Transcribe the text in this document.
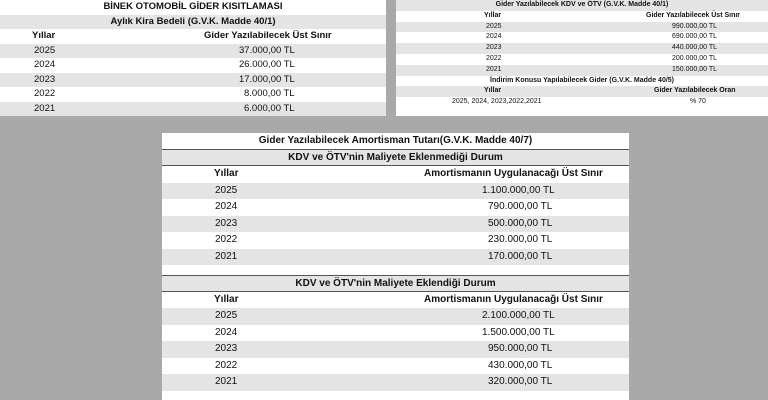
BİNEK OTOMOBİL GİDER KISITLAMASI
Aylık Kira Bedeli (G.V.K. Madde 40/1)
Yıllar	Gider Yazılabilecek Üst Sınır
2025	37.000,00 TL
2024	26.000,00 TL
2023	17.000,00 TL
2022	8.000,00 TL
2021	6.000,00 TL
Gider Yazılabilecek KDV ve ÖTV (G.V.K. Madde 40/1)
Yıllar	Gider Yazılabilecek Üst Sınır
2025	990.000,00 TL
2024	690.000,00 TL
2023	440.000,00 TL
2022	200.000,00 TL
2021	150.000,00 TL
İndirim Konusu Yapılabilecek Gider (G.V.K. Madde 40/5)
Yıllar	Gider Yazılabilecek Oran
2025, 2024, 2023,2022,2021	% 70
Gider Yazılabilecek Amortisman Tutarı(G.V.K. Madde 40/7)
KDV ve ÖTV'nin Maliyete Eklenmediği Durum
Yıllar	Amortismanın Uygulanacağı Üst Sınır
2025	1.100.000,00 TL
2024	790.000,00 TL
2023	500.000,00 TL
2022	230.000,00 TL
2021	170.000,00 TL
KDV ve ÖTV'nin Maliyete Eklendiği Durum
Yıllar	Amortismanın Uygulanacağı Üst Sınır
2025	2.100.000,00 TL
2024	1.500.000,00 TL
2023	950.000,00 TL
2022	430.000,00 TL
2021	320.000,00 TL
